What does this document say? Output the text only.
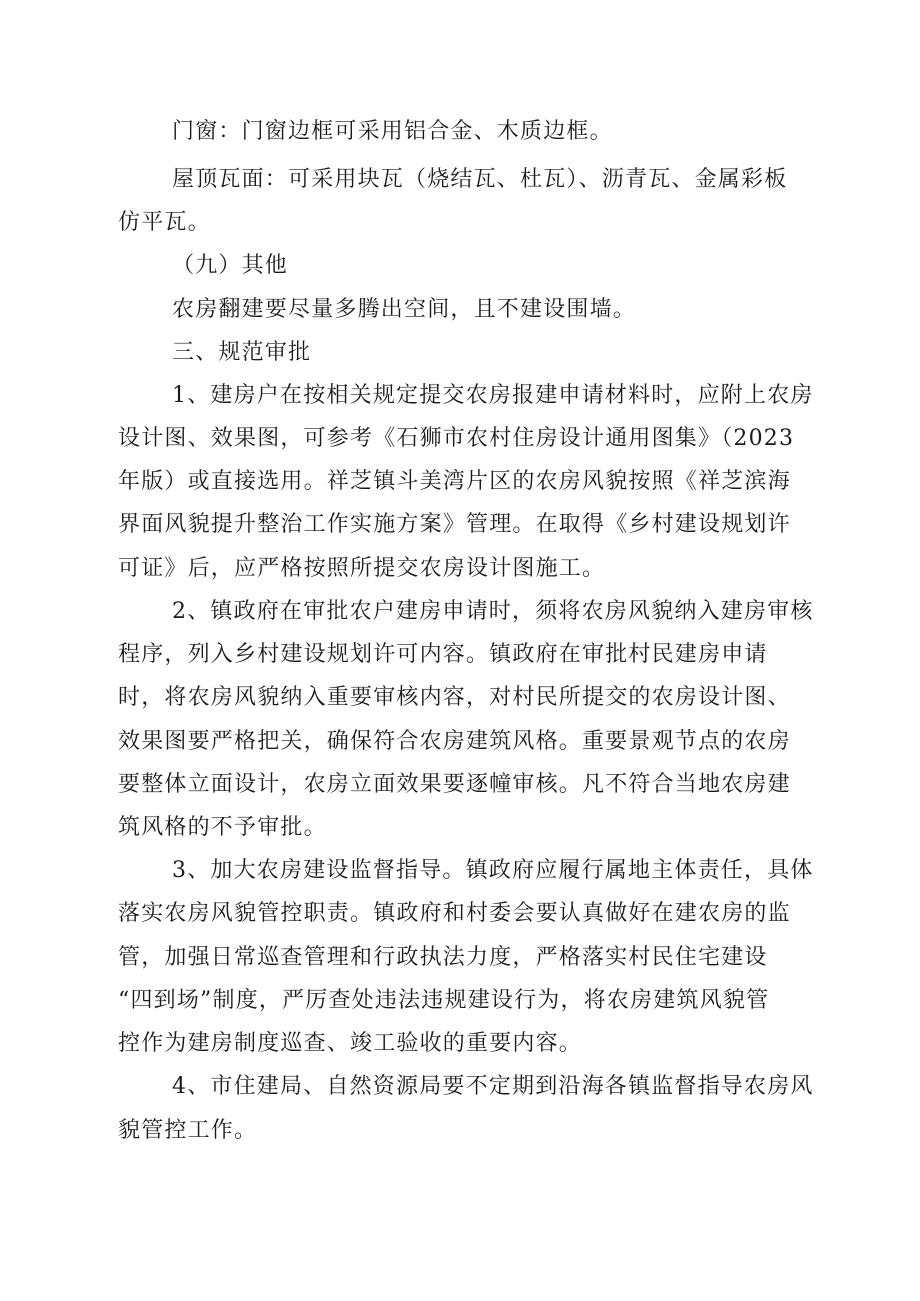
门窗：门窗边框可采用铝合金、木质边框。
屋顶瓦面：可采用块瓦（烧结瓦、杜瓦）、沥青瓦、金属彩板
仿平瓦。
（九）其他
农房翻建要尽量多腾出空间，且不建设围墙。
三、规范审批
1、建房户在按相关规定提交农房报建申请材料时，应附上农房
设计图、效果图，可参考《石狮市农村住房设计通用图集》（2023
年版）或直接选用。祥芝镇斗美湾片区的农房风貌按照《祥芝滨海
界面风貌提升整治工作实施方案》管理。在取得《乡村建设规划许
可证》后，应严格按照所提交农房设计图施工。
2、镇政府在审批农户建房申请时，须将农房风貌纳入建房审核
程序，列入乡村建设规划许可内容。镇政府在审批村民建房申请
时，将农房风貌纳入重要审核内容，对村民所提交的农房设计图、
效果图要严格把关，确保符合农房建筑风格。重要景观节点的农房
要整体立面设计，农房立面效果要逐幢审核。凡不符合当地农房建
筑风格的不予审批。
3、加大农房建设监督指导。镇政府应履行属地主体责任，具体
落实农房风貌管控职责。镇政府和村委会要认真做好在建农房的监
管，加强日常巡查管理和行政执法力度，严格落实村民住宅建设
“四到场”制度，严厉查处违法违规建设行为，将农房建筑风貌管
控作为建房制度巡查、竣工验收的重要内容。
4、市住建局、自然资源局要不定期到沿海各镇监督指导农房风
貌管控工作。
